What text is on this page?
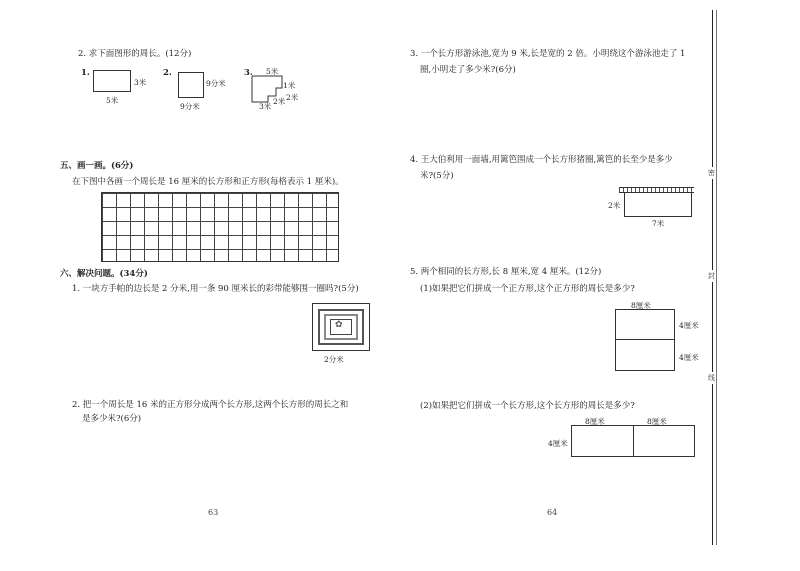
2. 求下面图形的周长。(12分)
1.
3米
5米
2.
9分米
9分米
3. 5米
1米
2米
3米
2米
五、画一画。(6分)
在下图中各画一个周长是 16 厘米的长方形和正方形(每格表示 1 厘米)。
六、解决问题。(34分)
1. 一块方手帕的边长是 2 分米,用一条 90 厘米长的彩带能够围一圈吗?(5分)
✿
2分米
2. 把一个周长是 16 米的正方形分成两个长方形,这两个长方形的周长之和
是多少米?(6分)
63
3. 一个长方形游泳池,宽为 9 米,长是宽的 2 倍。小明绕这个游泳池走了 1
圈,小明走了多少米?(6分)
4. 王大伯利用一面墙,用篱笆围成一个长方形猪圈,篱笆的长至少是多少
米?(5分)
2米
7米
5. 两个相同的长方形,长 8 厘米,宽 4 厘米。(12分)
(1)如果把它们拼成一个正方形,这个正方形的周长是多少?
8厘米
4厘米
4厘米
(2)如果把它们拼成一个长方形,这个长方形的周长是多少?
8厘米	8厘米
4厘米
64
密
封
线
